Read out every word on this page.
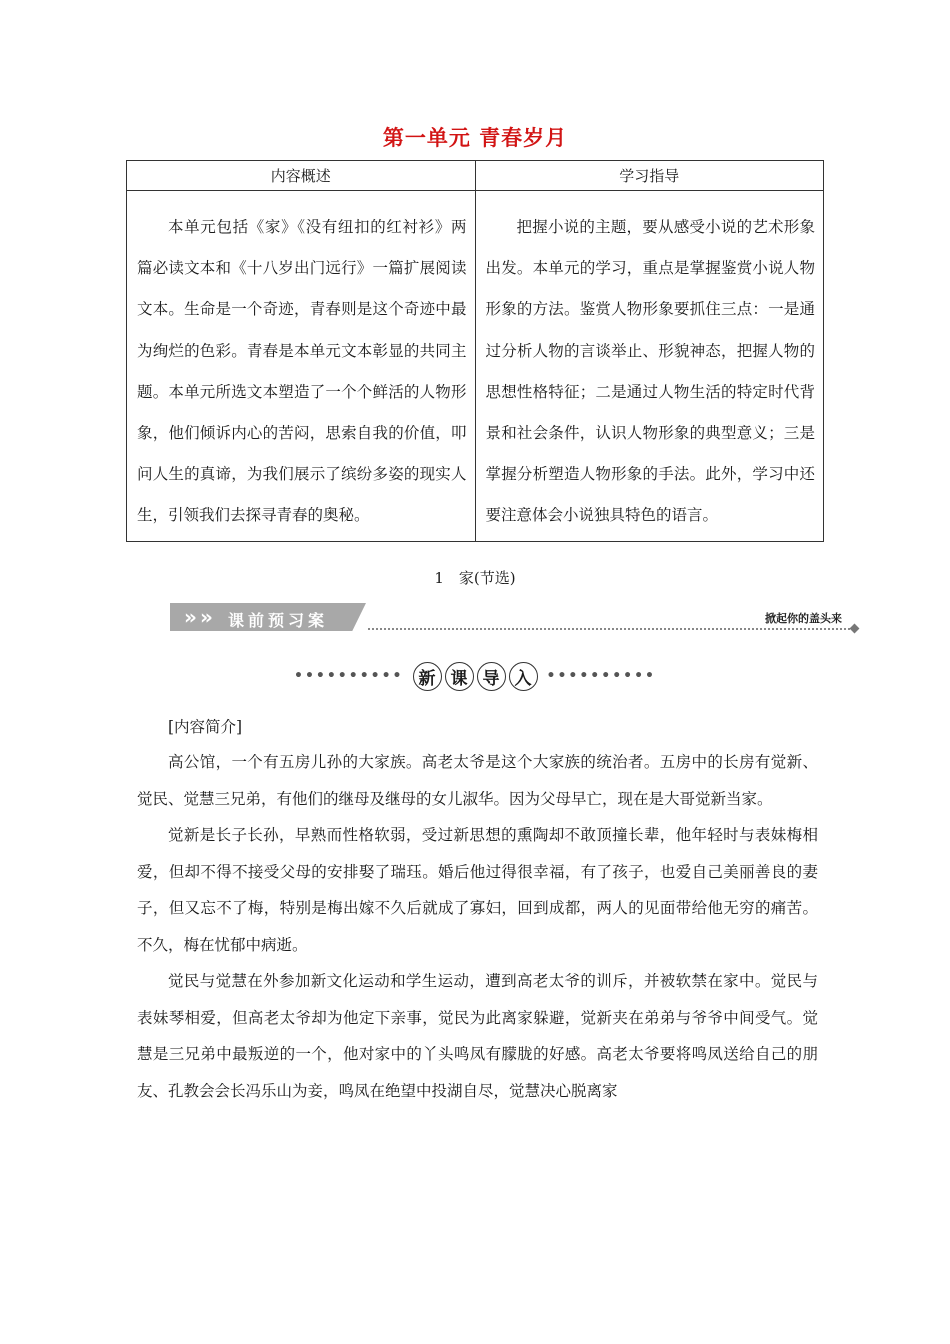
第一单元 青春岁月
内容概述	学习指导
本单元包括《家》《没有纽扣的红衬衫》两篇必读文本和《十八岁出门远行》一篇扩展阅读文本。生命是一个奇迹，青春则是这个奇迹中最为绚烂的色彩。青春是本单元文本彰显的共同主题。本单元所选文本塑造了一个个鲜活的人物形象，他们倾诉内心的苦闷，思索自我的价值，叩问人生的真谛，为我们展示了缤纷多姿的现实人生，引领我们去探寻青春的奥秘。	把握小说的主题，要从感受小说的艺术形象出发。本单元的学习，重点是掌握鉴赏小说人物形象的方法。鉴赏人物形象要抓住三点：一是通过分析人物的言谈举止、形貌神态，把握人物的思想性格特征；二是通过人物生活的特定时代背景和社会条件，认识人物形象的典型意义；三是掌握分析塑造人物形象的手法。此外，学习中还要注意体会小说独具特色的语言。
1　家(节选)
» » 课前预习案	掀起你的盖头来
•••••••••• 新 课 导 入	••••••••••
[内容简介]

高公馆，一个有五房儿孙的大家族。高老太爷是这个大家族的统治者。五房中的长房有觉新、觉民、觉慧三兄弟，有他们的继母及继母的女儿淑华。因为父母早亡，现在是大哥觉新当家。

觉新是长子长孙，早熟而性格软弱，受过新思想的熏陶却不敢顶撞长辈，他年轻时与表妹梅相爱，但却不得不接受父母的安排娶了瑞珏。婚后他过得很幸福，有了孩子，也爱自己美丽善良的妻子，但又忘不了梅，特别是梅出嫁不久后就成了寡妇，回到成都，两人的见面带给他无穷的痛苦。不久，梅在忧郁中病逝。

觉民与觉慧在外参加新文化运动和学生运动，遭到高老太爷的训斥，并被软禁在家中。觉民与表妹琴相爱，但高老太爷却为他定下亲事，觉民为此离家躲避，觉新夹在弟弟与爷爷中间受气。觉慧是三兄弟中最叛逆的一个，他对家中的丫头鸣凤有朦胧的好感。高老太爷要将鸣凤送给自己的朋友、孔教会会长冯乐山为妾，鸣凤在绝望中投湖自尽，觉慧决心脱离家
